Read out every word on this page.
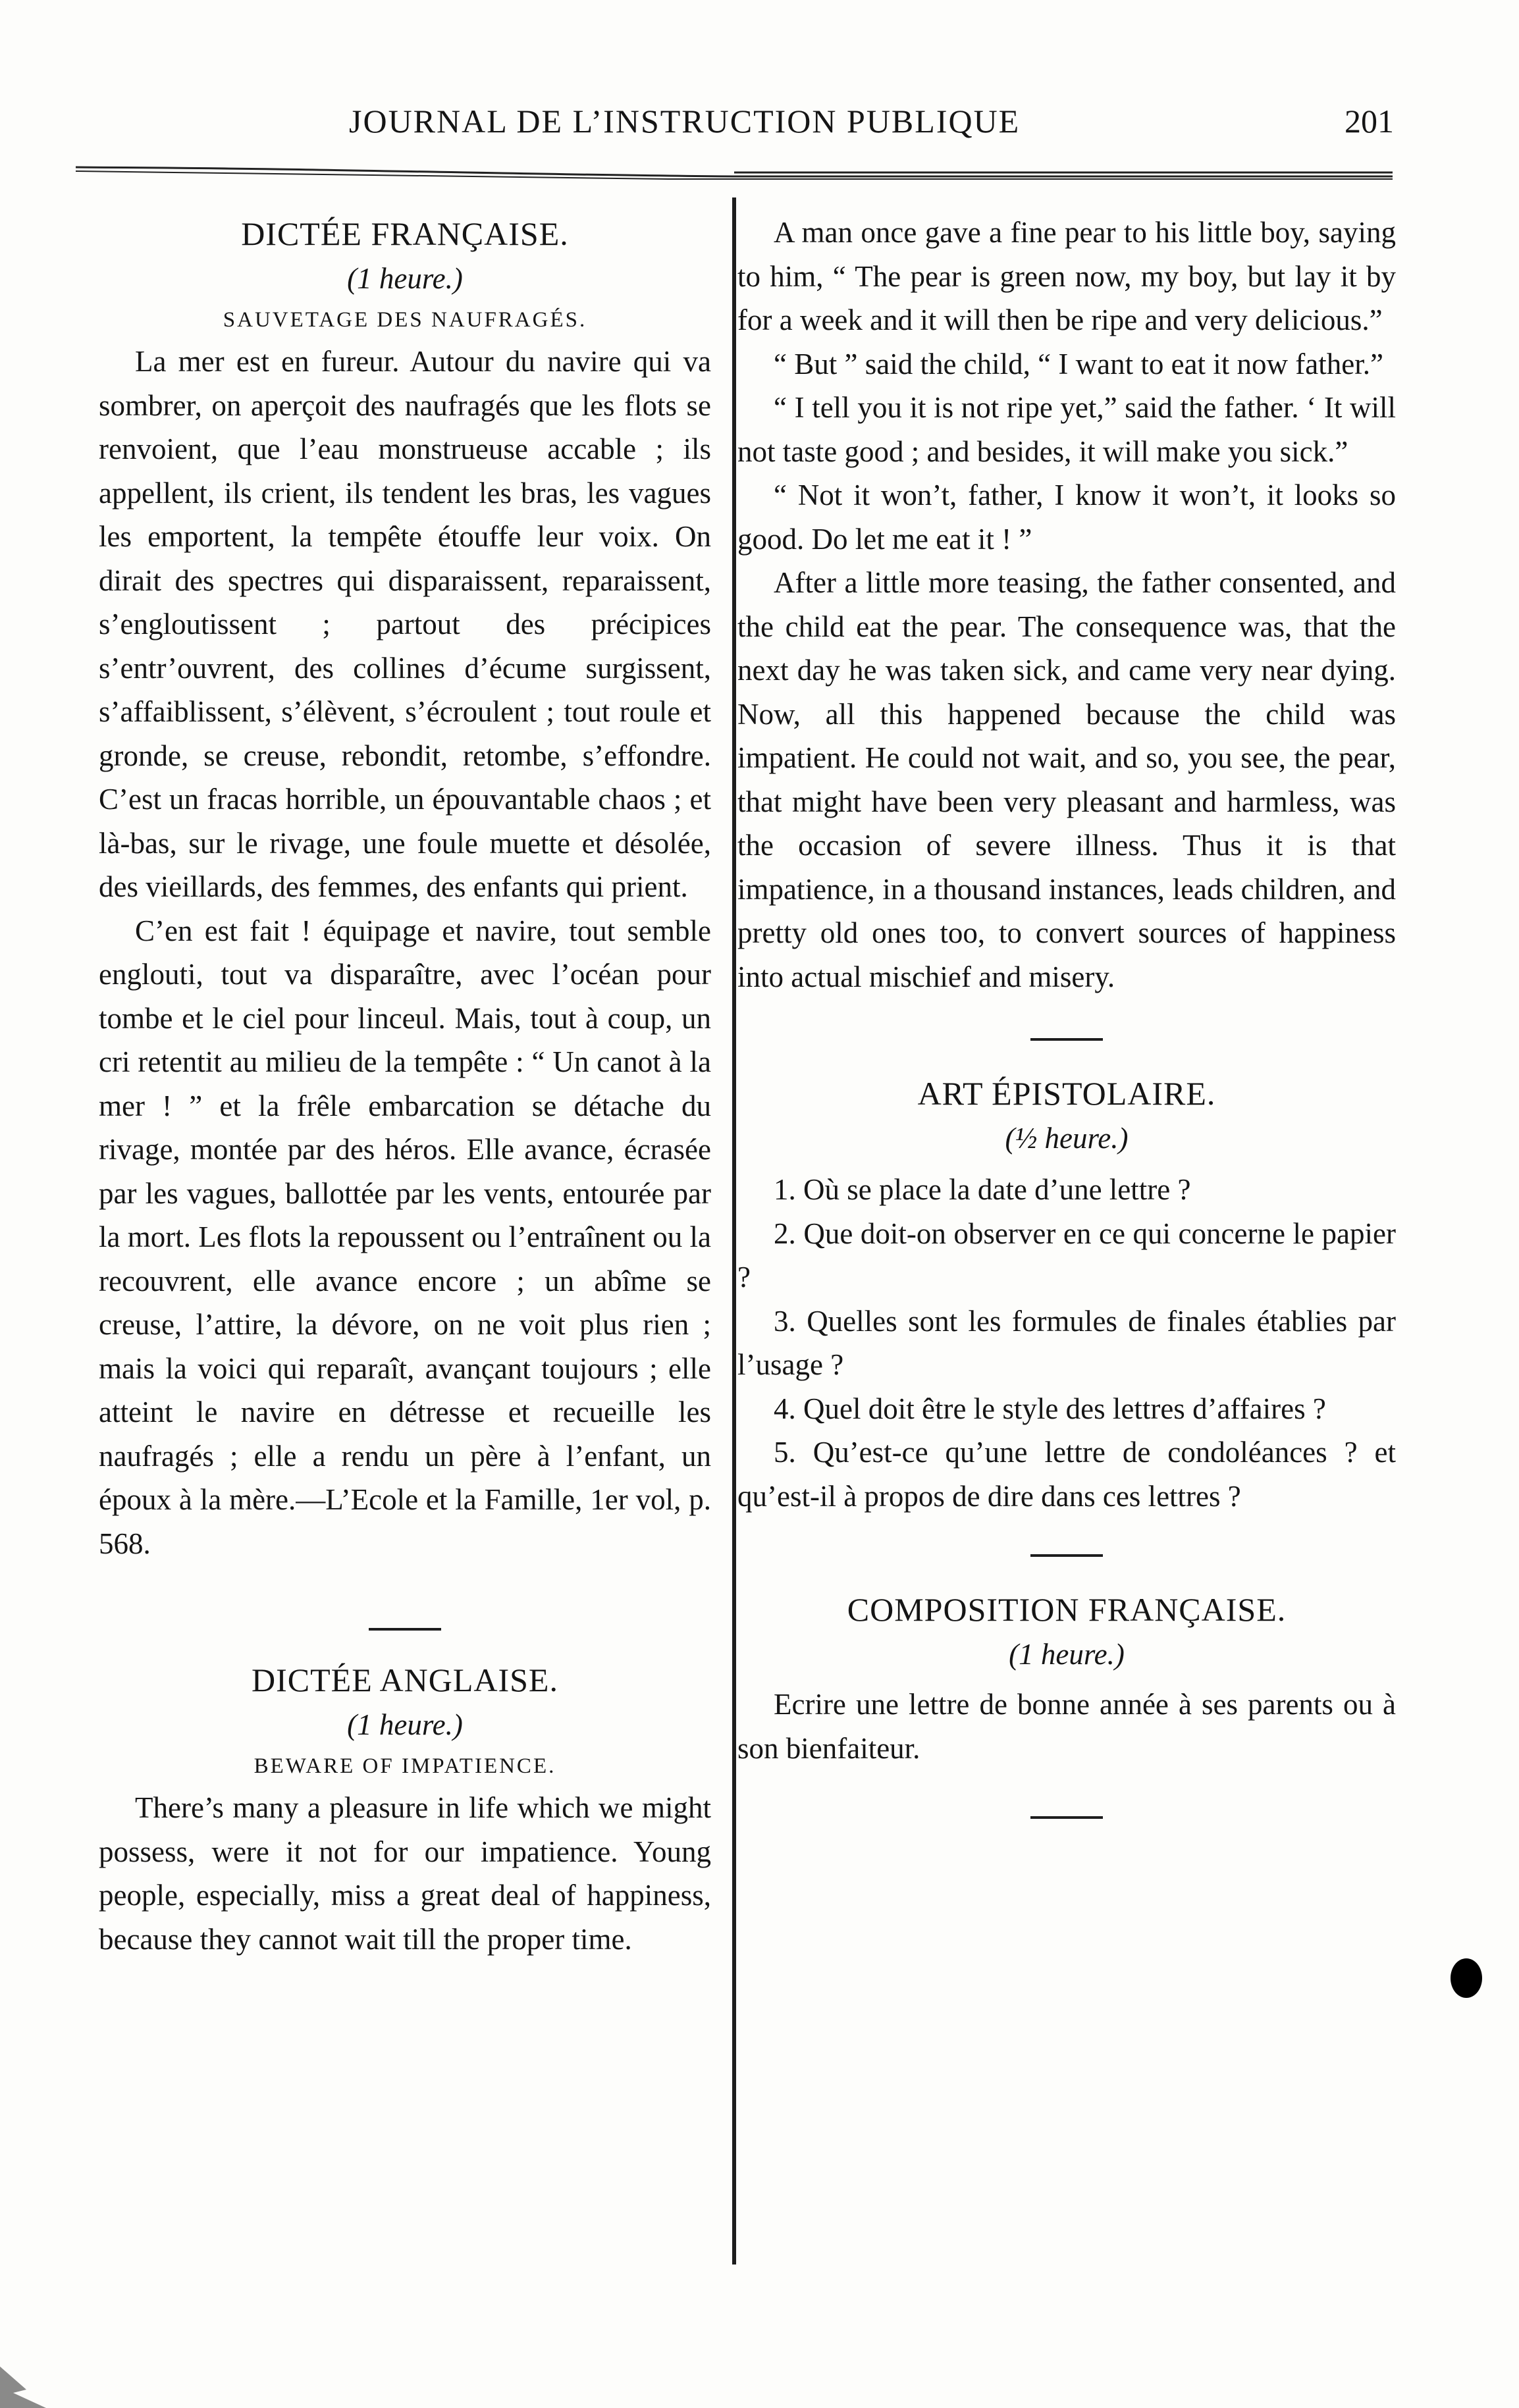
JOURNAL DE L’INSTRUCTION PUBLIQUE	201
DICTÉE FRANÇAISE.
(1 heure.)
SAUVETAGE DES NAUFRAGÉS.

La mer est en fureur. Autour du navire qui va sombrer, on aperçoit des naufragés que les flots se renvoient, que l’eau monstrueuse accable ; ils appellent, ils crient, ils tendent les bras, les vagues les emportent, la tempête étouffe leur voix. On dirait des spectres qui disparaissent, reparaissent, s’engloutissent ; partout des précipices s’entr’ouvrent, des collines d’écume surgissent, s’affaiblissent, s’élèvent, s’écroulent ; tout roule et gronde, se creuse, rebondit, retombe, s’effondre. C’est un fracas horrible, un épouvantable chaos ; et là-bas, sur le rivage, une foule muette et désolée, des vieillards, des femmes, des enfants qui prient.

C’en est fait ! équipage et navire, tout semble englouti, tout va disparaître, avec l’océan pour tombe et le ciel pour linceul. Mais, tout à coup, un cri retentit au milieu de la tempête : “ Un canot à la mer ! ” et la frêle embarcation se détache du rivage, montée par des héros. Elle avance, écrasée par les vagues, ballottée par les vents, entourée par la mort. Les flots la repoussent ou l’entraînent ou la recouvrent, elle avance encore ; un abîme se creuse, l’attire, la dévore, on ne voit plus rien ; mais la voici qui reparaît, avançant toujours ; elle atteint le navire en détresse et recueille les naufragés ; elle a rendu un père à l’enfant, un époux à la mère.—L’Ecole et la Famille, 1er vol, p. 568.

DICTÉE ANGLAISE.
(1 heure.)
BEWARE OF IMPATIENCE.

There’s many a pleasure in life which we might possess, were it not for our impatience. Young people, especially, miss a great deal of happiness, because they cannot wait till the proper time.

A man once gave a fine pear to his little boy, saying to him, “ The pear is green now, my boy, but lay it by for a week and it will then be ripe and very delicious.”

“ But ” said the child, “ I want to eat it now father.”

“ I tell you it is not ripe yet,” said the father. ‘ It will not taste good ; and besides, it will make you sick.”

“ Not it won’t, father, I know it won’t, it looks so good. Do let me eat it ! ”

After a little more teasing, the father consented, and the child eat the pear. The consequence was, that the next day he was taken sick, and came very near dying. Now, all this happened because the child was impatient. He could not wait, and so, you see, the pear, that might have been very pleasant and harmless, was the occasion of severe illness. Thus it is that impatience, in a thousand instances, leads children, and pretty old ones too, to convert sources of happiness into actual mischief and misery.

ART ÉPISTOLAIRE.
(½ heure.)
1. Où se place la date d’une lettre ?
2. Que doit-on observer en ce qui concerne le papier ?
3. Quelles sont les formules de finales établies par l’usage ?
4. Quel doit être le style des lettres d’affaires ?
5. Qu’est-ce qu’une lettre de condoléances ? et qu’est-il à propos de dire dans ces lettres ?
COMPOSITION FRANÇAISE.
(1 heure.)

Ecrire une lettre de bonne année à ses parents ou à son bienfaiteur.
